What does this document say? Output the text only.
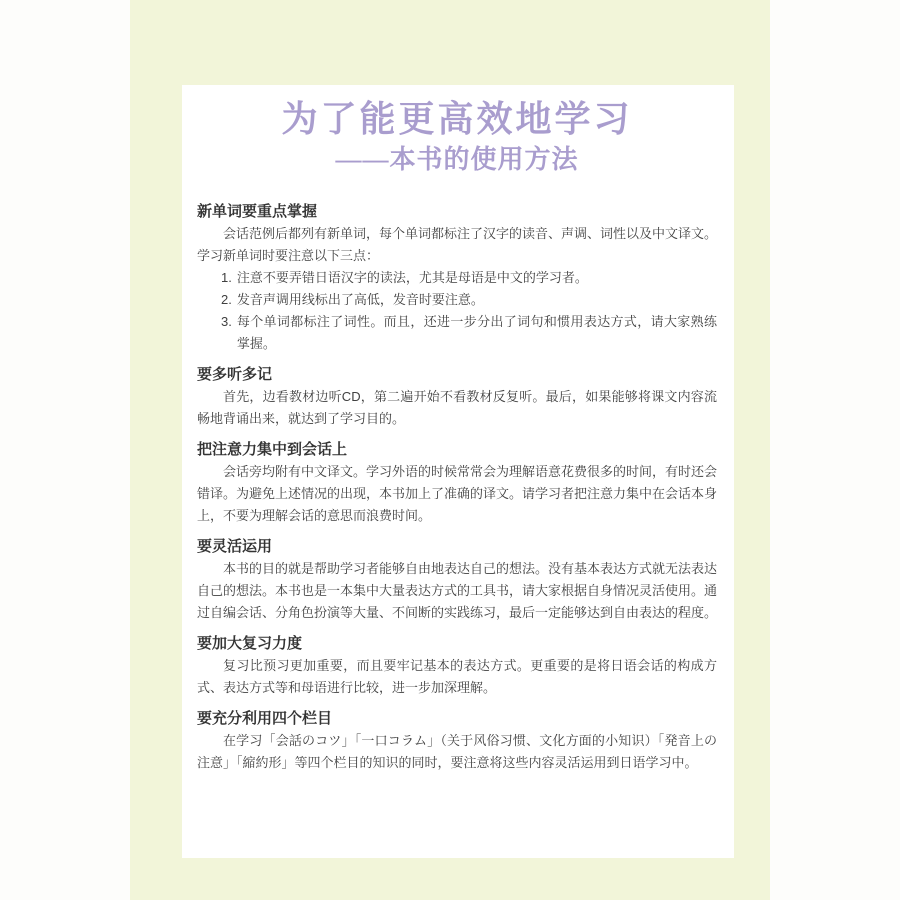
为了能更高效地学习
——本书的使用方法
新单词要重点掌握

会话范例后都列有新单词，每个单词都标注了汉字的读音、声调、词性以及中文译文。学习新单词时要注意以下三点：

1. 注意不要弄错日语汉字的读法，尤其是母语是中文的学习者。
2. 发音声调用线标出了高低，发音时要注意。
3. 每个单词都标注了词性。而且，还进一步分出了词句和惯用表达方式，请大家熟练掌握。
要多听多记

首先，边看教材边听CD，第二遍开始不看教材反复听。最后，如果能够将课文内容流畅地背诵出来，就达到了学习目的。

把注意力集中到会话上

会话旁均附有中文译文。学习外语的时候常常会为理解语意花费很多的时间，有时还会错译。为避免上述情况的出现，本书加上了准确的译文。请学习者把注意力集中在会话本身上，不要为理解会话的意思而浪费时间。

要灵活运用

本书的目的就是帮助学习者能够自由地表达自己的想法。没有基本表达方式就无法表达自己的想法。本书也是一本集中大量表达方式的工具书，请大家根据自身情况灵活使用。通过自编会话、分角色扮演等大量、不间断的实践练习，最后一定能够达到自由表达的程度。

要加大复习力度

复习比预习更加重要，而且要牢记基本的表达方式。更重要的是将日语会话的构成方式、表达方式等和母语进行比较，进一步加深理解。

要充分利用四个栏目

在学习「会話のコツ」「一口コラム」（关于风俗习惯、文化方面的小知识）「発音上の注意」「縮約形」等四个栏目的知识的同时，要注意将这些内容灵活运用到日语学习中。
